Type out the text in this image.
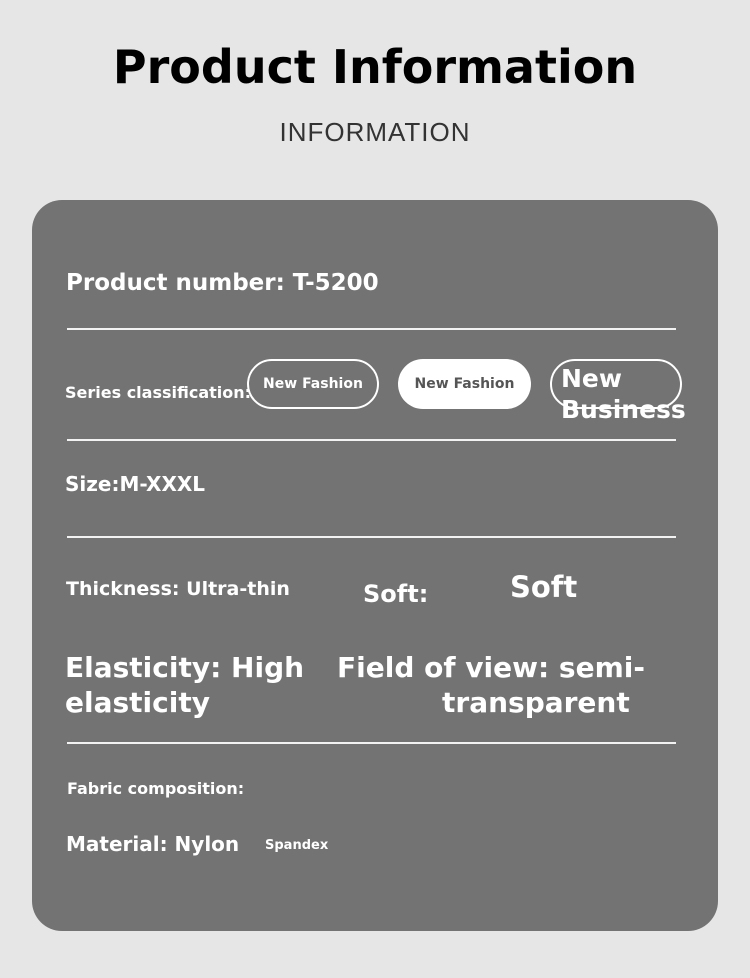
Product Information
INFORMATION
Product number: T-5200
Series classification: New Fashion	New Fashion New
Business
Size:M-XXXL
Thickness: Ultra-thin	Soft:	Soft
Elasticity: High
elasticity
Field of view: semi-
transparent
Fabric composition:
Material: Nylon Spandex
